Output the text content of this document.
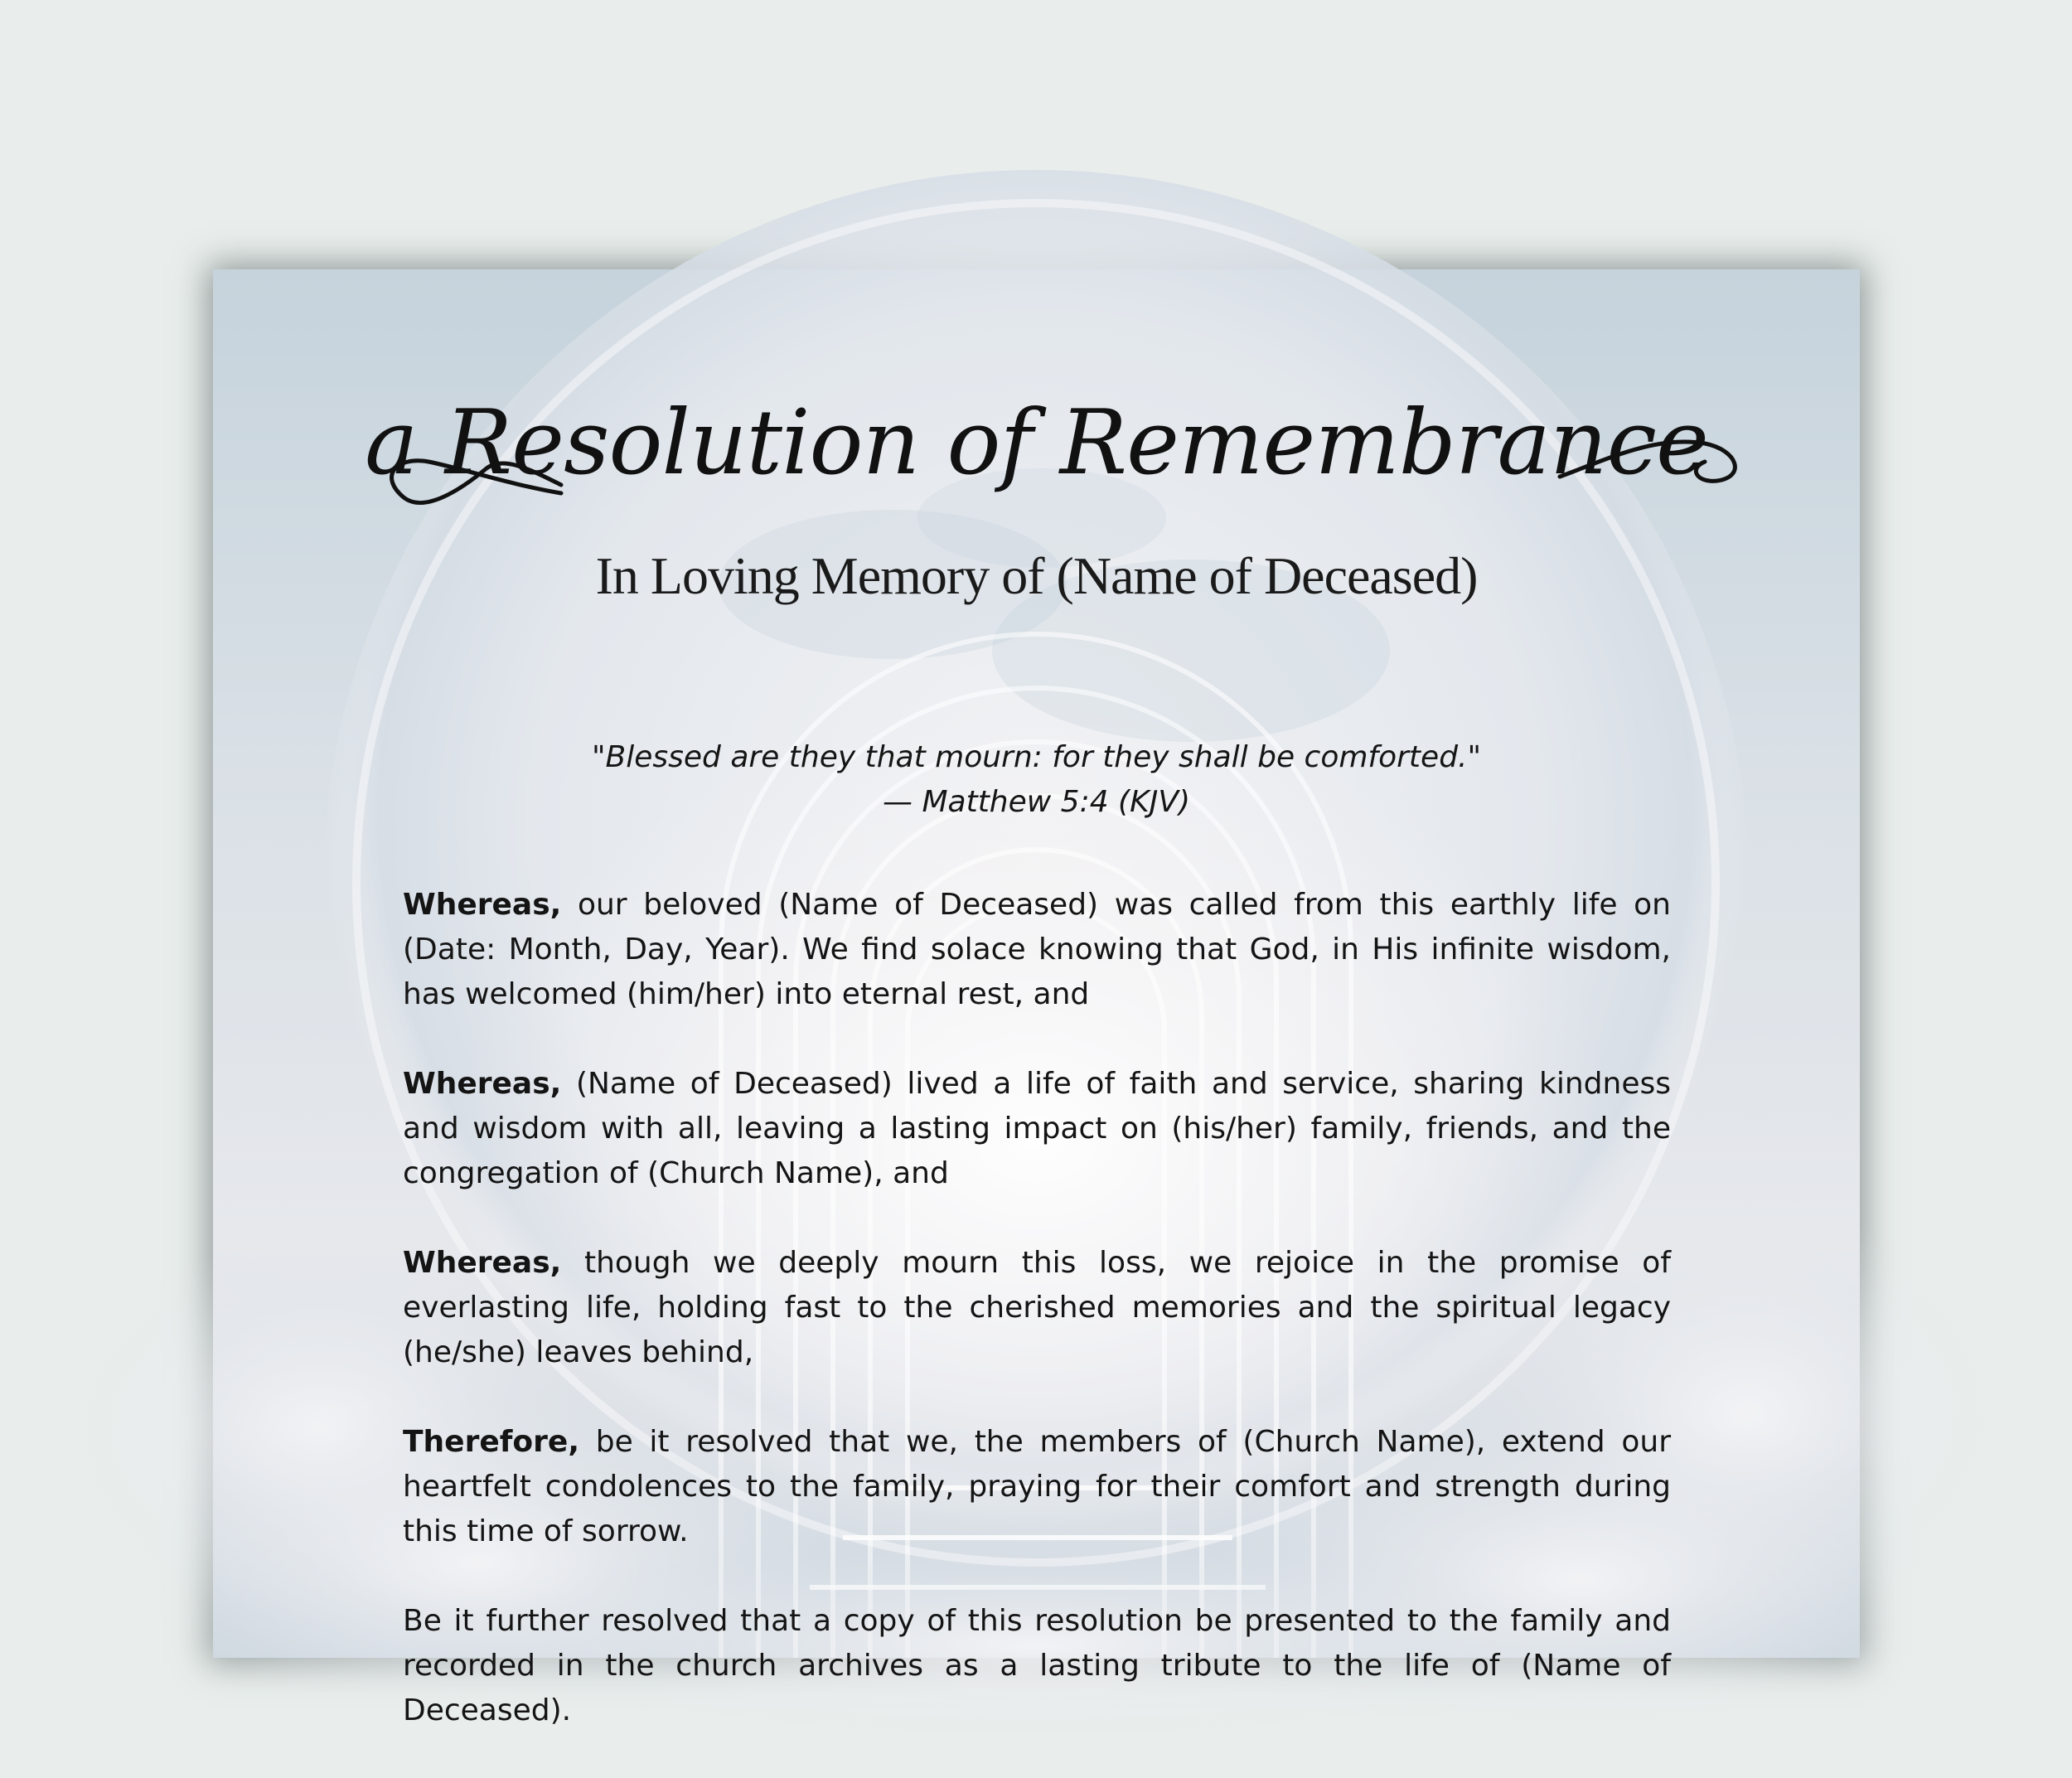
a Resolution of Remembrance
In Loving Memory of (Name of Deceased)
"Blessed are they that mourn: for they shall be comforted."
— Matthew 5:4 (KJV)

Whereas, our beloved (Name of Deceased) was called from this earthly life on (Date: Month, Day, Year). We find solace knowing that God, in His infinite wisdom, has welcomed (him/her) into eternal rest, and

Whereas, (Name of Deceased) lived a life of faith and service, sharing kindness and wisdom with all, leaving a lasting impact on (his/her) family, friends, and the congregation of (Church Name), and

Whereas, though we deeply mourn this loss, we rejoice in the promise of everlasting life, holding fast to the cherished memories and the spiritual legacy (he/she) leaves behind,

Therefore, be it resolved that we, the members of (Church Name), extend our heartfelt condolences to the family, praying for their comfort and strength during this time of sorrow.

Be it further resolved that a copy of this resolution be presented to the family and recorded in the church archives as a lasting tribute to the life of (Name of Deceased).
